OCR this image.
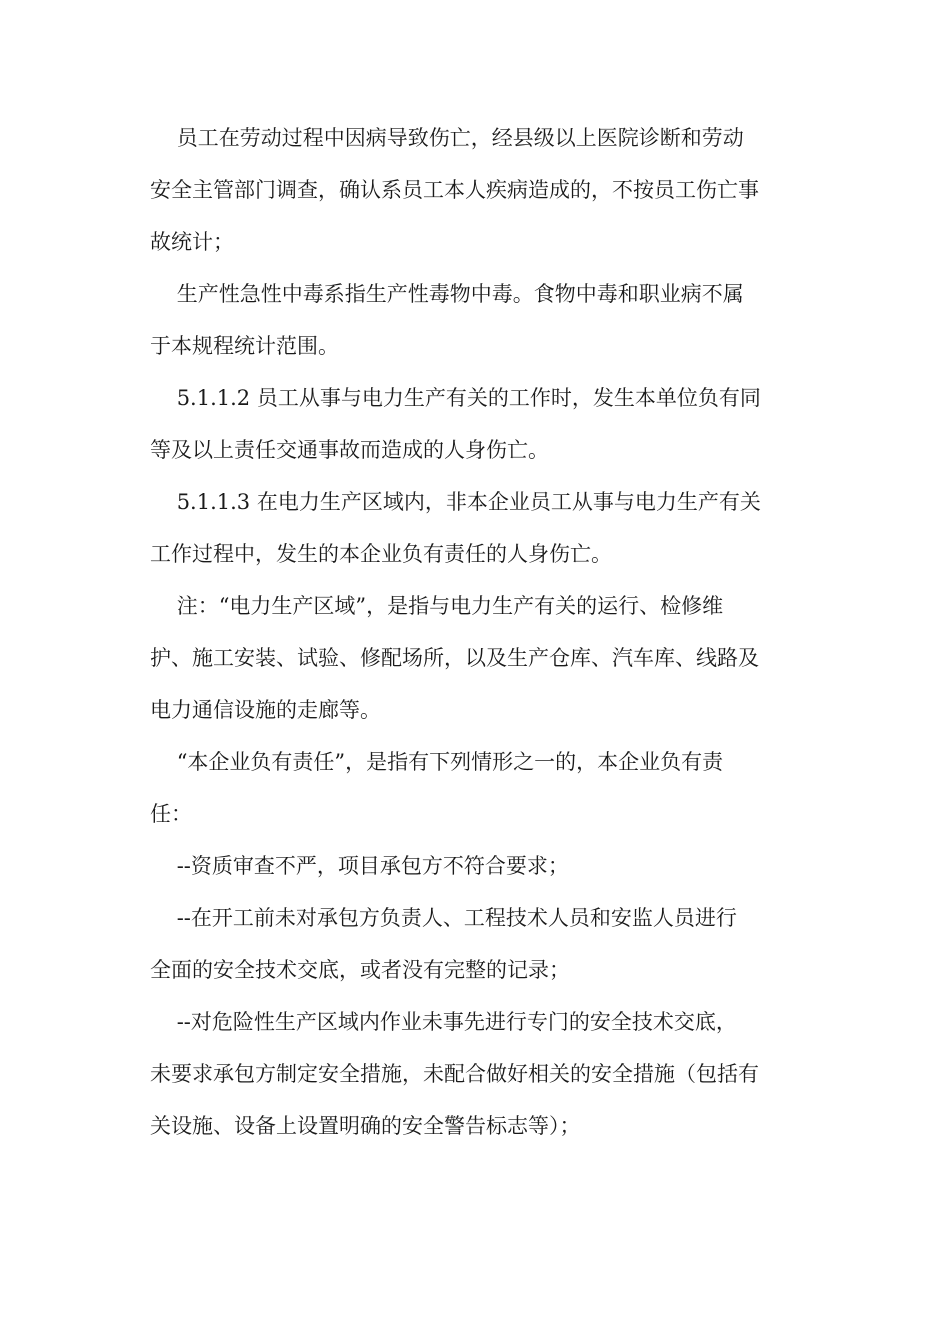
员工在劳动过程中因病导致伤亡，经县级以上医院诊断和劳动
安全主管部门调查，确认系员工本人疾病造成的，不按员工伤亡事
故统计；
生产性急性中毒系指生产性毒物中毒。食物中毒和职业病不属
于本规程统计范围。
5.1.1.2 员工从事与电力生产有关的工作时，发生本单位负有同
等及以上责任交通事故而造成的人身伤亡。
5.1.1.3 在电力生产区域内，非本企业员工从事与电力生产有关
工作过程中，发生的本企业负有责任的人身伤亡。
注：“电力生产区域”，是指与电力生产有关的运行、检修维
护、施工安装、试验、修配场所，以及生产仓库、汽车库、线路及
电力通信设施的走廊等。
“本企业负有责任”，是指有下列情形之一的，本企业负有责
任：
--资质审查不严，项目承包方不符合要求；
--在开工前未对承包方负责人、工程技术人员和安监人员进行
全面的安全技术交底，或者没有完整的记录；
--对危险性生产区域内作业未事先进行专门的安全技术交底，
未要求承包方制定安全措施，未配合做好相关的安全措施（包括有
关设施、设备上设置明确的安全警告标志等）；
